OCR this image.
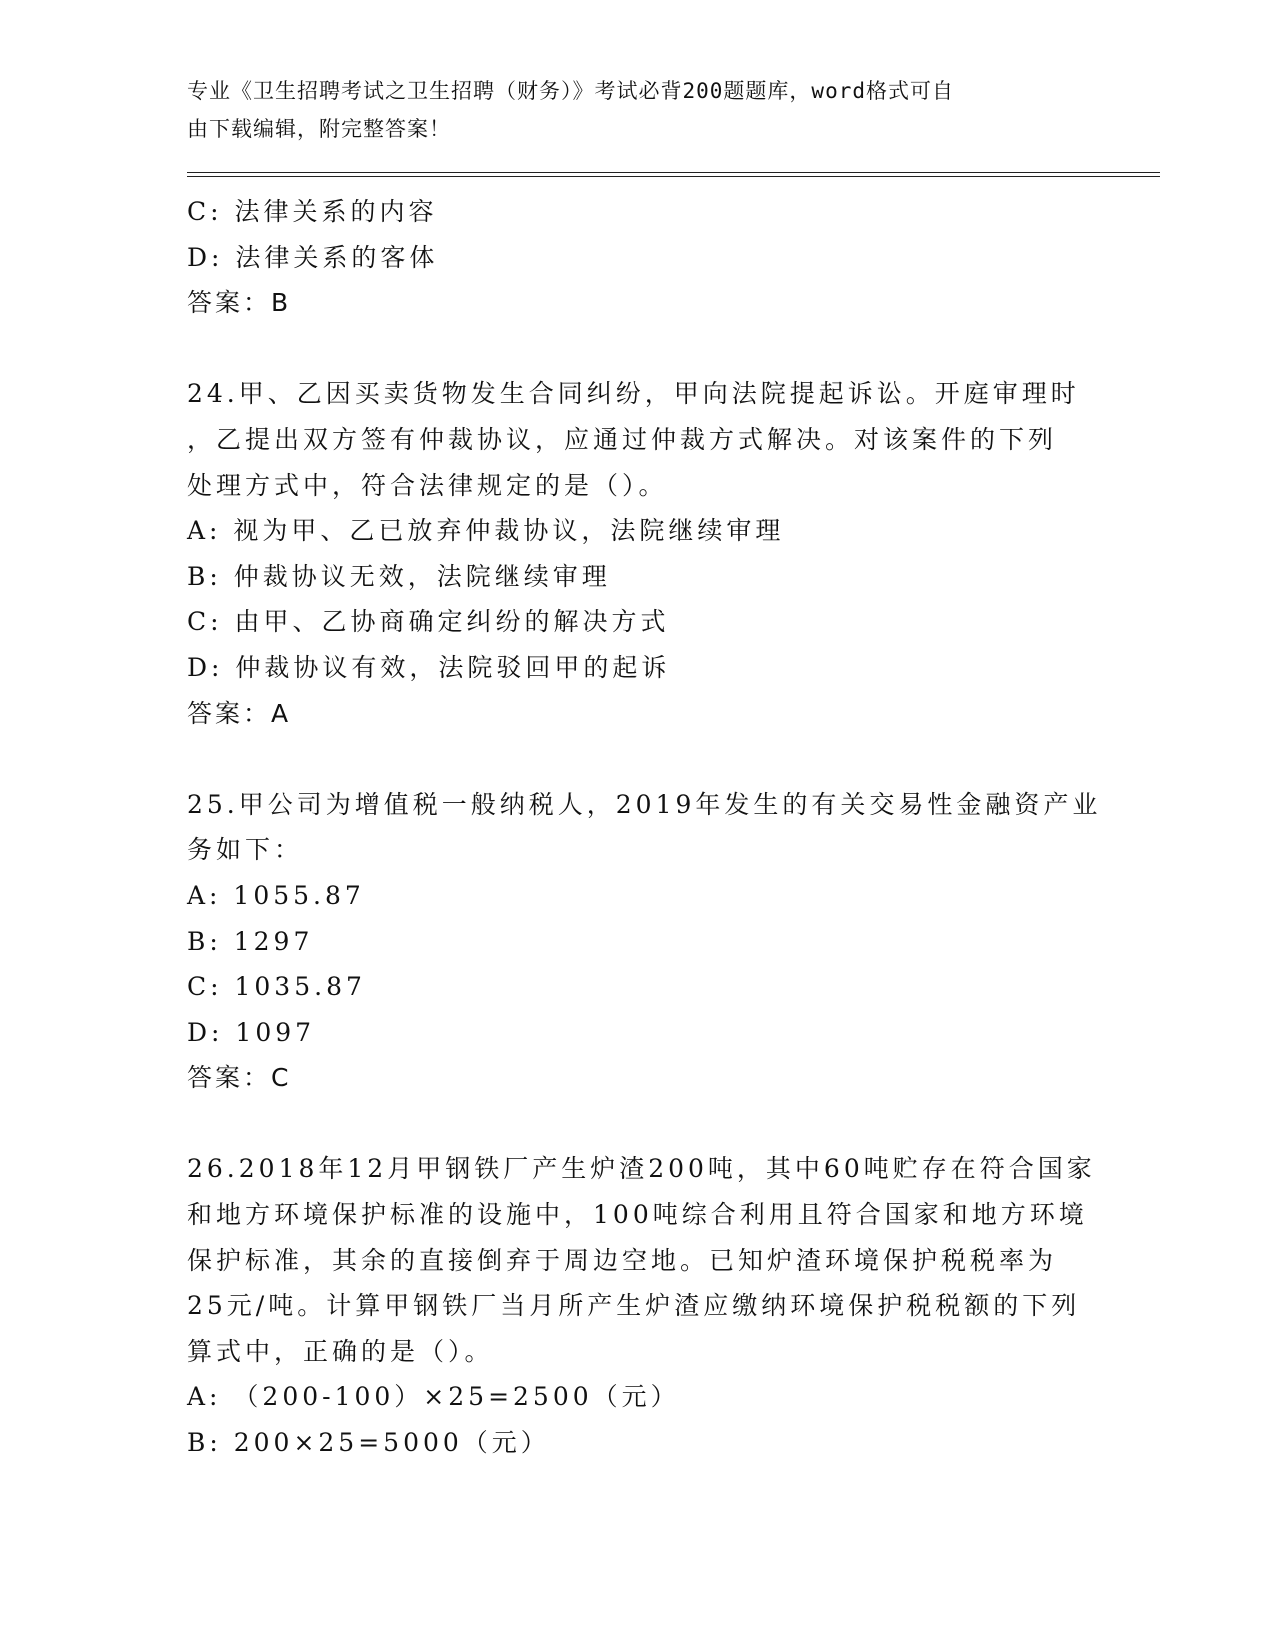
专业《卫生招聘考试之卫生招聘（财务）》考试必背200题题库，word格式可自
由下载编辑，附完整答案！
C: 法律关系的内容
D: 法律关系的客体
答案：B
24.甲、乙因买卖货物发生合同纠纷，甲向法院提起诉讼。开庭审理时
，乙提出双方签有仲裁协议，应通过仲裁方式解决。对该案件的下列
处理方式中，符合法律规定的是（）。
A: 视为甲、乙已放弃仲裁协议，法院继续审理
B: 仲裁协议无效，法院继续审理
C: 由甲、乙协商确定纠纷的解决方式
D: 仲裁协议有效，法院驳回甲的起诉
答案：A
25.甲公司为增值税一般纳税人，2019年发生的有关交易性金融资产业
务如下：
A: 1055.87
B: 1297
C: 1035.87
D: 1097
答案：C
26.2018年12月甲钢铁厂产生炉渣200吨，其中60吨贮存在符合国家
和地方环境保护标准的设施中，100吨综合利用且符合国家和地方环境
保护标准，其余的直接倒弃于周边空地。已知炉渣环境保护税税率为
25元/吨。计算甲钢铁厂当月所产生炉渣应缴纳环境保护税税额的下列
算式中，正确的是（）。
A: （200-100）×25=2500（元）
B: 200×25=5000（元）
